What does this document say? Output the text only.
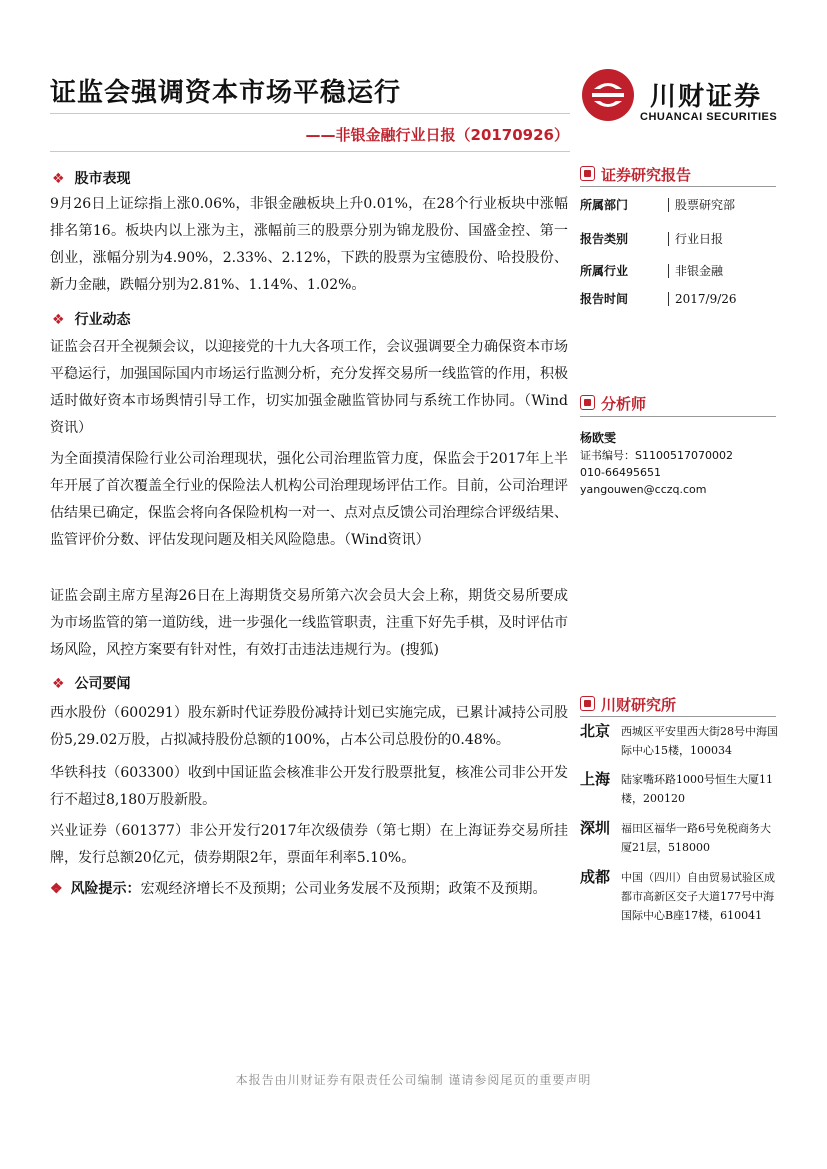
证监会强调资本市场平稳运行
——非银金融行业日报（20170926）
川财证券
CHUANCAI SECURITIES
❖ 股市表现
9月26日上证综指上涨0.06%，非银金融板块上升0.01%，在28个行业板块中涨幅排名第16。板块内以上涨为主，涨幅前三的股票分别为锦龙股份、国盛金控、第一创业，涨幅分别为4.90%，2.33%、2.12%，下跌的股票为宝德股份、哈投股份、新力金融，跌幅分别为2.81%、1.14%、1.02%。
❖ 行业动态
证监会召开全视频会议，以迎接党的十九大各项工作，会议强调要全力确保资本市场平稳运行，加强国际国内市场运行监测分析，充分发挥交易所一线监管的作用，积极适时做好资本市场舆情引导工作，切实加强金融监管协同与系统工作协同。（Wind资讯）
为全面摸清保险行业公司治理现状，强化公司治理监管力度，保监会于2017年上半年开展了首次覆盖全行业的保险法人机构公司治理现场评估工作。目前，公司治理评估结果已确定，保监会将向各保险机构一对一、点对点反馈公司治理综合评级结果、监管评价分数、评估发现问题及相关风险隐患。（Wind资讯）
证监会副主席方星海26日在上海期货交易所第六次会员大会上称，期货交易所要成为市场监管的第一道防线，进一步强化一线监管职责，注重下好先手棋，及时评估市场风险，风控方案要有针对性，有效打击违法违规行为。(搜狐)
❖ 公司要闻
西水股份（600291）股东新时代证券股份减持计划已实施完成，已累计减持公司股份5,29.02万股，占拟减持股份总额的100%，占本公司总股份的0.48%。
华铁科技（603300）收到中国证监会核准非公开发行股票批复，核准公司非公开发行不超过8,180万股新股。
兴业证券（601377）非公开发行2017年次级债券（第七期）在上海证券交易所挂牌，发行总额20亿元，债券期限2年，票面年利率5.10%。
❖ 风险提示：宏观经济增长不及预期；公司业务发展不及预期；政策不及预期。
证券研究报告
所属部门	股票研究部
报告类别	行业日报
所属行业	非银金融
报告时间	2017/9/26
分析师
杨欧雯
证书编号：S1100517070002
010-66495651
yangouwen@cczq.com
川财研究所
北京 西城区平安里西大街28号中海国际中心15楼，100034
上海 陆家嘴环路1000号恒生大厦11楼，200120
深圳 福田区福华一路6号免税商务大厦21层，518000
成都 中国（四川）自由贸易试验区成都市高新区交子大道177号中海国际中心B座17楼，610041
本报告由川财证券有限责任公司编制 谨请参阅尾页的重要声明
